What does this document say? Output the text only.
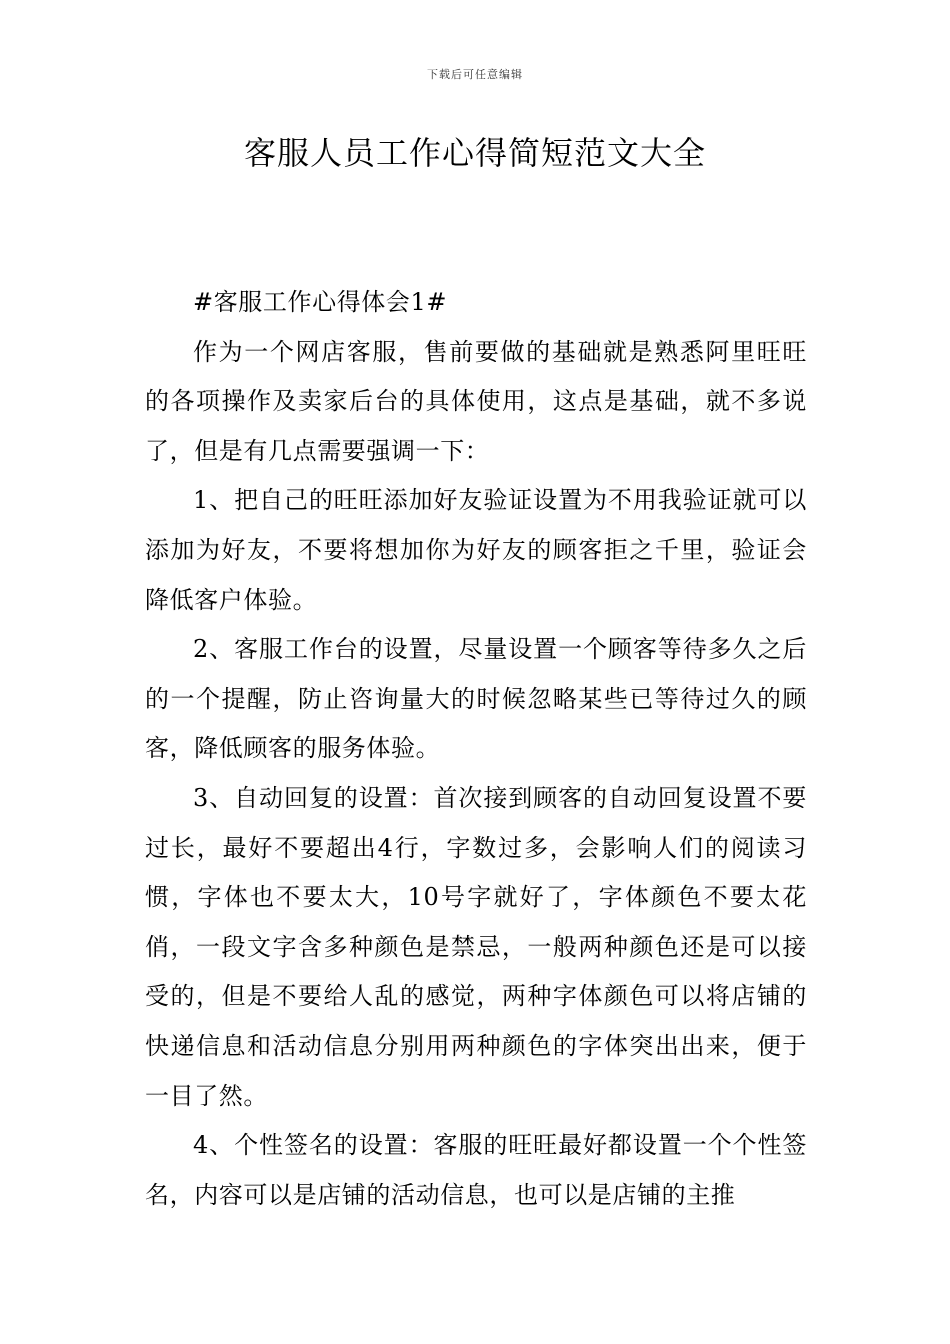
下载后可任意编辑
客服人员工作心得简短范文大全

#客服工作心得体会1#

作为一个网店客服，售前要做的基础就是熟悉阿里旺旺的各项操作及卖家后台的具体使用，这点是基础，就不多说了，但是有几点需要强调一下：

1、把自己的旺旺添加好友验证设置为不用我验证就可以添加为好友，不要将想加你为好友的顾客拒之千里，验证会降低客户体验。

2、客服工作台的设置，尽量设置一个顾客等待多久之后的一个提醒，防止咨询量大的时候忽略某些已等待过久的顾客，降低顾客的服务体验。

3、自动回复的设置：首次接到顾客的自动回复设置不要过长，最好不要超出4行，字数过多，会影响人们的阅读习惯，字体也不要太大，10号字就好了，字体颜色不要太花俏，一段文字含多种颜色是禁忌，一般两种颜色还是可以接受的，但是不要给人乱的感觉，两种字体颜色可以将店铺的快递信息和活动信息分别用两种颜色的字体突出出来，便于一目了然。

4、个性签名的设置：客服的旺旺最好都设置一个个性签名，内容可以是店铺的活动信息，也可以是店铺的主推
